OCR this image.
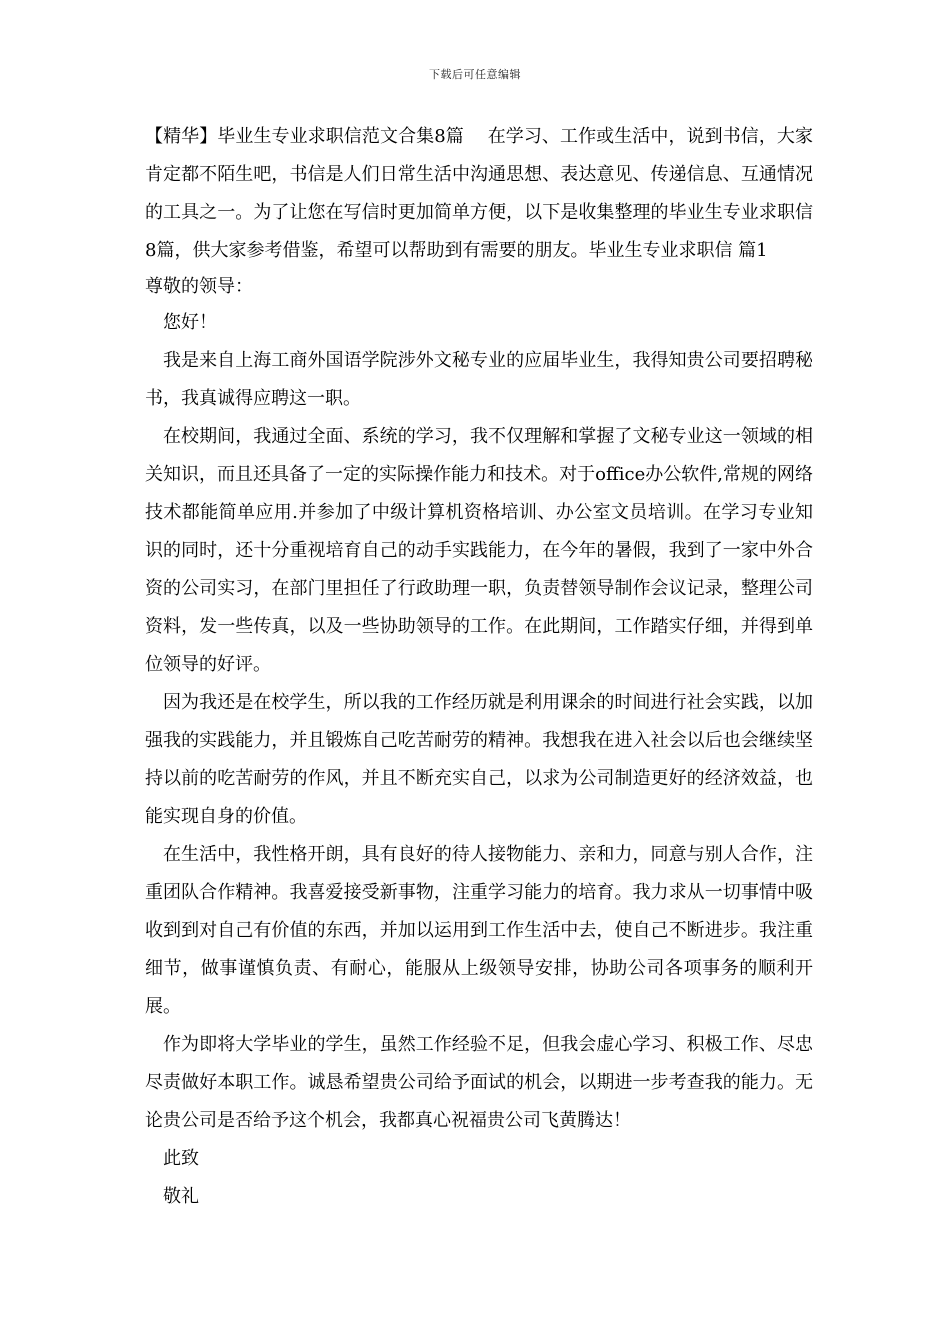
下载后可任意编辑

【精华】毕业生专业求职信范文合集8篇　 在学习、工作或生活中，说到书信，大家肯定都不陌生吧，书信是人们日常生活中沟通思想、表达意见、传递信息、互通情况的工具之一。为了让您在写信时更加简单方便，以下是收集整理的毕业生专业求职信8篇，供大家参考借鉴，希望可以帮助到有需要的朋友。毕业生专业求职信 篇1

尊敬的领导：

您好！

我是来自上海工商外国语学院涉外文秘专业的应届毕业生，我得知贵公司要招聘秘书，我真诚得应聘这一职。

在校期间，我通过全面、系统的学习，我不仅理解和掌握了文秘专业这一领域的相关知识，而且还具备了一定的实际操作能力和技术。对于office办公软件,常规的网络技术都能简单应用.并参加了中级计算机资格培训、办公室文员培训。在学习专业知识的同时，还十分重视培育自己的动手实践能力，在今年的暑假，我到了一家中外合资的公司实习，在部门里担任了行政助理一职，负责替领导制作会议记录，整理公司资料，发一些传真，以及一些协助领导的工作。在此期间，工作踏实仔细，并得到单位领导的好评。

因为我还是在校学生，所以我的工作经历就是利用课余的时间进行社会实践，以加强我的实践能力，并且锻炼自己吃苦耐劳的精神。我想我在进入社会以后也会继续坚持以前的吃苦耐劳的作风，并且不断充实自己，以求为公司制造更好的经济效益，也能实现自身的价值。

在生活中，我性格开朗，具有良好的待人接物能力、亲和力，同意与别人合作，注重团队合作精神。我喜爱接受新事物，注重学习能力的培育。我力求从一切事情中吸收到到对自己有价值的东西，并加以运用到工作生活中去，使自己不断进步。我注重细节，做事谨慎负责、有耐心，能服从上级领导安排，协助公司各项事务的顺利开展。

作为即将大学毕业的学生，虽然工作经验不足，但我会虚心学习、积极工作、尽忠尽责做好本职工作。诚恳希望贵公司给予面试的机会，以期进一步考查我的能力。无论贵公司是否给予这个机会，我都真心祝福贵公司飞黄腾达！

此致

敬礼
